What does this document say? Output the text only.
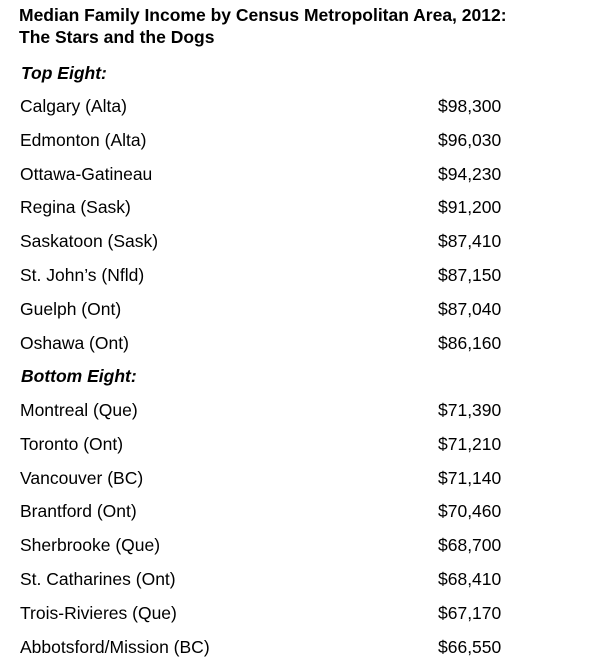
Median Family Income by Census Metropolitan Area, 2012:
The Stars and the Dogs
Top Eight:
Calgary (Alta)	$98,300
Edmonton (Alta)	$96,030
Ottawa-Gatineau	$94,230
Regina (Sask)	$91,200
Saskatoon (Sask)	$87,410
St. John’s (Nfld)	$87,150
Guelph (Ont)	$87,040
Oshawa (Ont)	$86,160
Bottom Eight:
Montreal (Que)	$71,390
Toronto (Ont)	$71,210
Vancouver (BC)	$71,140
Brantford (Ont)	$70,460
Sherbrooke (Que)	$68,700
St. Catharines (Ont)	$68,410
Trois-Rivieres (Que)	$67,170
Abbotsford/Mission (BC)	$66,550
